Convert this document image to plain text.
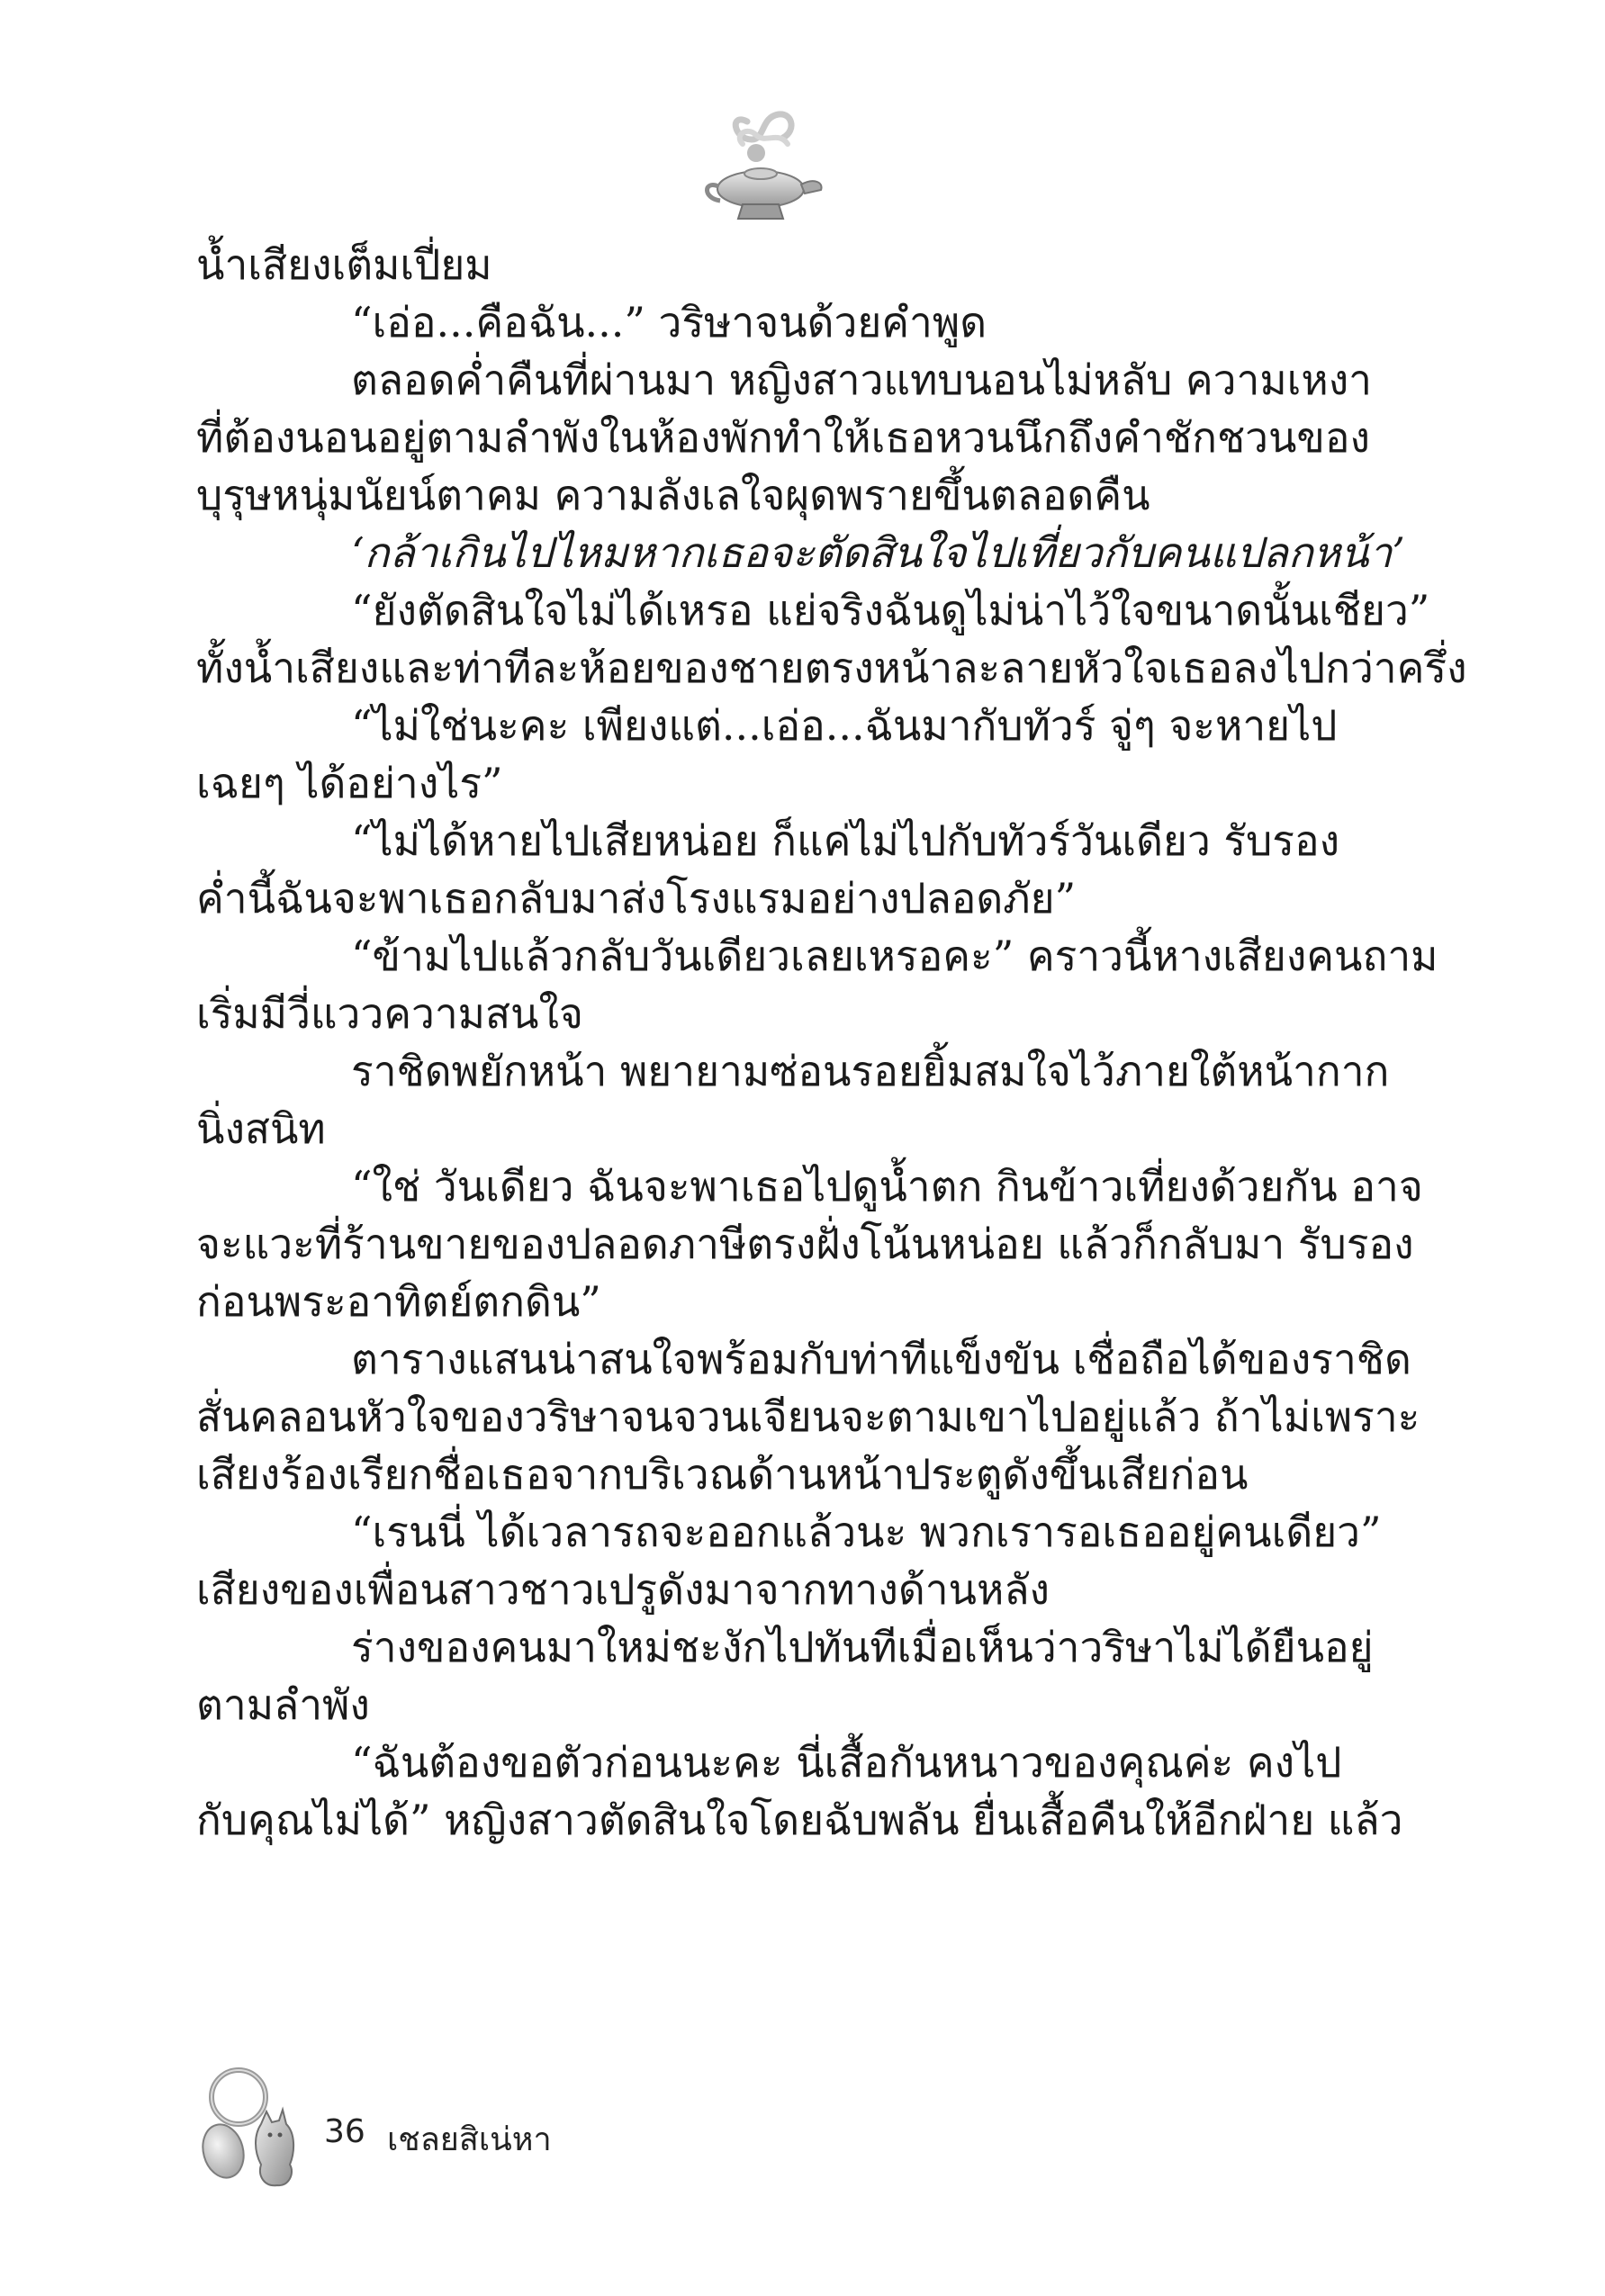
น้ำเสียงเต็มเปี่ยม
“เอ่อ...คือฉัน...” วริษาจนด้วยคำพูด
ตลอดค่ำคืนที่ผ่านมา หญิงสาวแทบนอนไม่หลับ ความเหงา
ที่ต้องนอนอยู่ตามลำพังในห้องพักทำให้เธอหวนนึกถึงคำชักชวนของ
บุรุษหนุ่มนัยน์ตาคม ความลังเลใจผุดพรายขึ้นตลอดคืน
‘กล้าเกินไปไหมหากเธอจะตัดสินใจไปเที่ยวกับคนแปลกหน้า’
“ยังตัดสินใจไม่ได้เหรอ แย่จริงฉันดูไม่น่าไว้ใจขนาดนั้นเชียว”
ทั้งน้ำเสียงและท่าทีละห้อยของชายตรงหน้าละลายหัวใจเธอลงไปกว่าครึ่ง
“ไม่ใช่นะคะ เพียงแต่...เอ่อ...ฉันมากับทัวร์ จู่ๆ จะหายไป
เฉยๆ ได้อย่างไร”
“ไม่ได้หายไปเสียหน่อย ก็แค่ไม่ไปกับทัวร์วันเดียว รับรอง
ค่ำนี้ฉันจะพาเธอกลับมาส่งโรงแรมอย่างปลอดภัย”
“ข้ามไปแล้วกลับวันเดียวเลยเหรอคะ” คราวนี้หางเสียงคนถาม
เริ่มมีวี่แววความสนใจ
ราชิดพยักหน้า พยายามซ่อนรอยยิ้มสมใจไว้ภายใต้หน้ากาก
นิ่งสนิท
“ใช่ วันเดียว ฉันจะพาเธอไปดูน้ำตก กินข้าวเที่ยงด้วยกัน อาจ
จะแวะที่ร้านขายของปลอดภาษีตรงฝั่งโน้นหน่อย แล้วก็กลับมา รับรอง
ก่อนพระอาทิตย์ตกดิน”
ตารางแสนน่าสนใจพร้อมกับท่าทีแข็งขัน เชื่อถือได้ของราชิด
สั่นคลอนหัวใจของวริษาจนจวนเจียนจะตามเขาไปอยู่แล้ว ถ้าไม่เพราะ
เสียงร้องเรียกชื่อเธอจากบริเวณด้านหน้าประตูดังขึ้นเสียก่อน
“เรนนี่ ได้เวลารถจะออกแล้วนะ พวกเรารอเธออยู่คนเดียว”
เสียงของเพื่อนสาวชาวเปรูดังมาจากทางด้านหลัง
ร่างของคนมาใหม่ชะงักไปทันทีเมื่อเห็นว่าวริษาไม่ได้ยืนอยู่
ตามลำพัง
“ฉันต้องขอตัวก่อนนะคะ นี่เสื้อกันหนาวของคุณค่ะ คงไป
กับคุณไม่ได้” หญิงสาวตัดสินใจโดยฉับพลัน ยื่นเสื้อคืนให้อีกฝ่าย แล้ว
36 เชลยสิเน่หา
